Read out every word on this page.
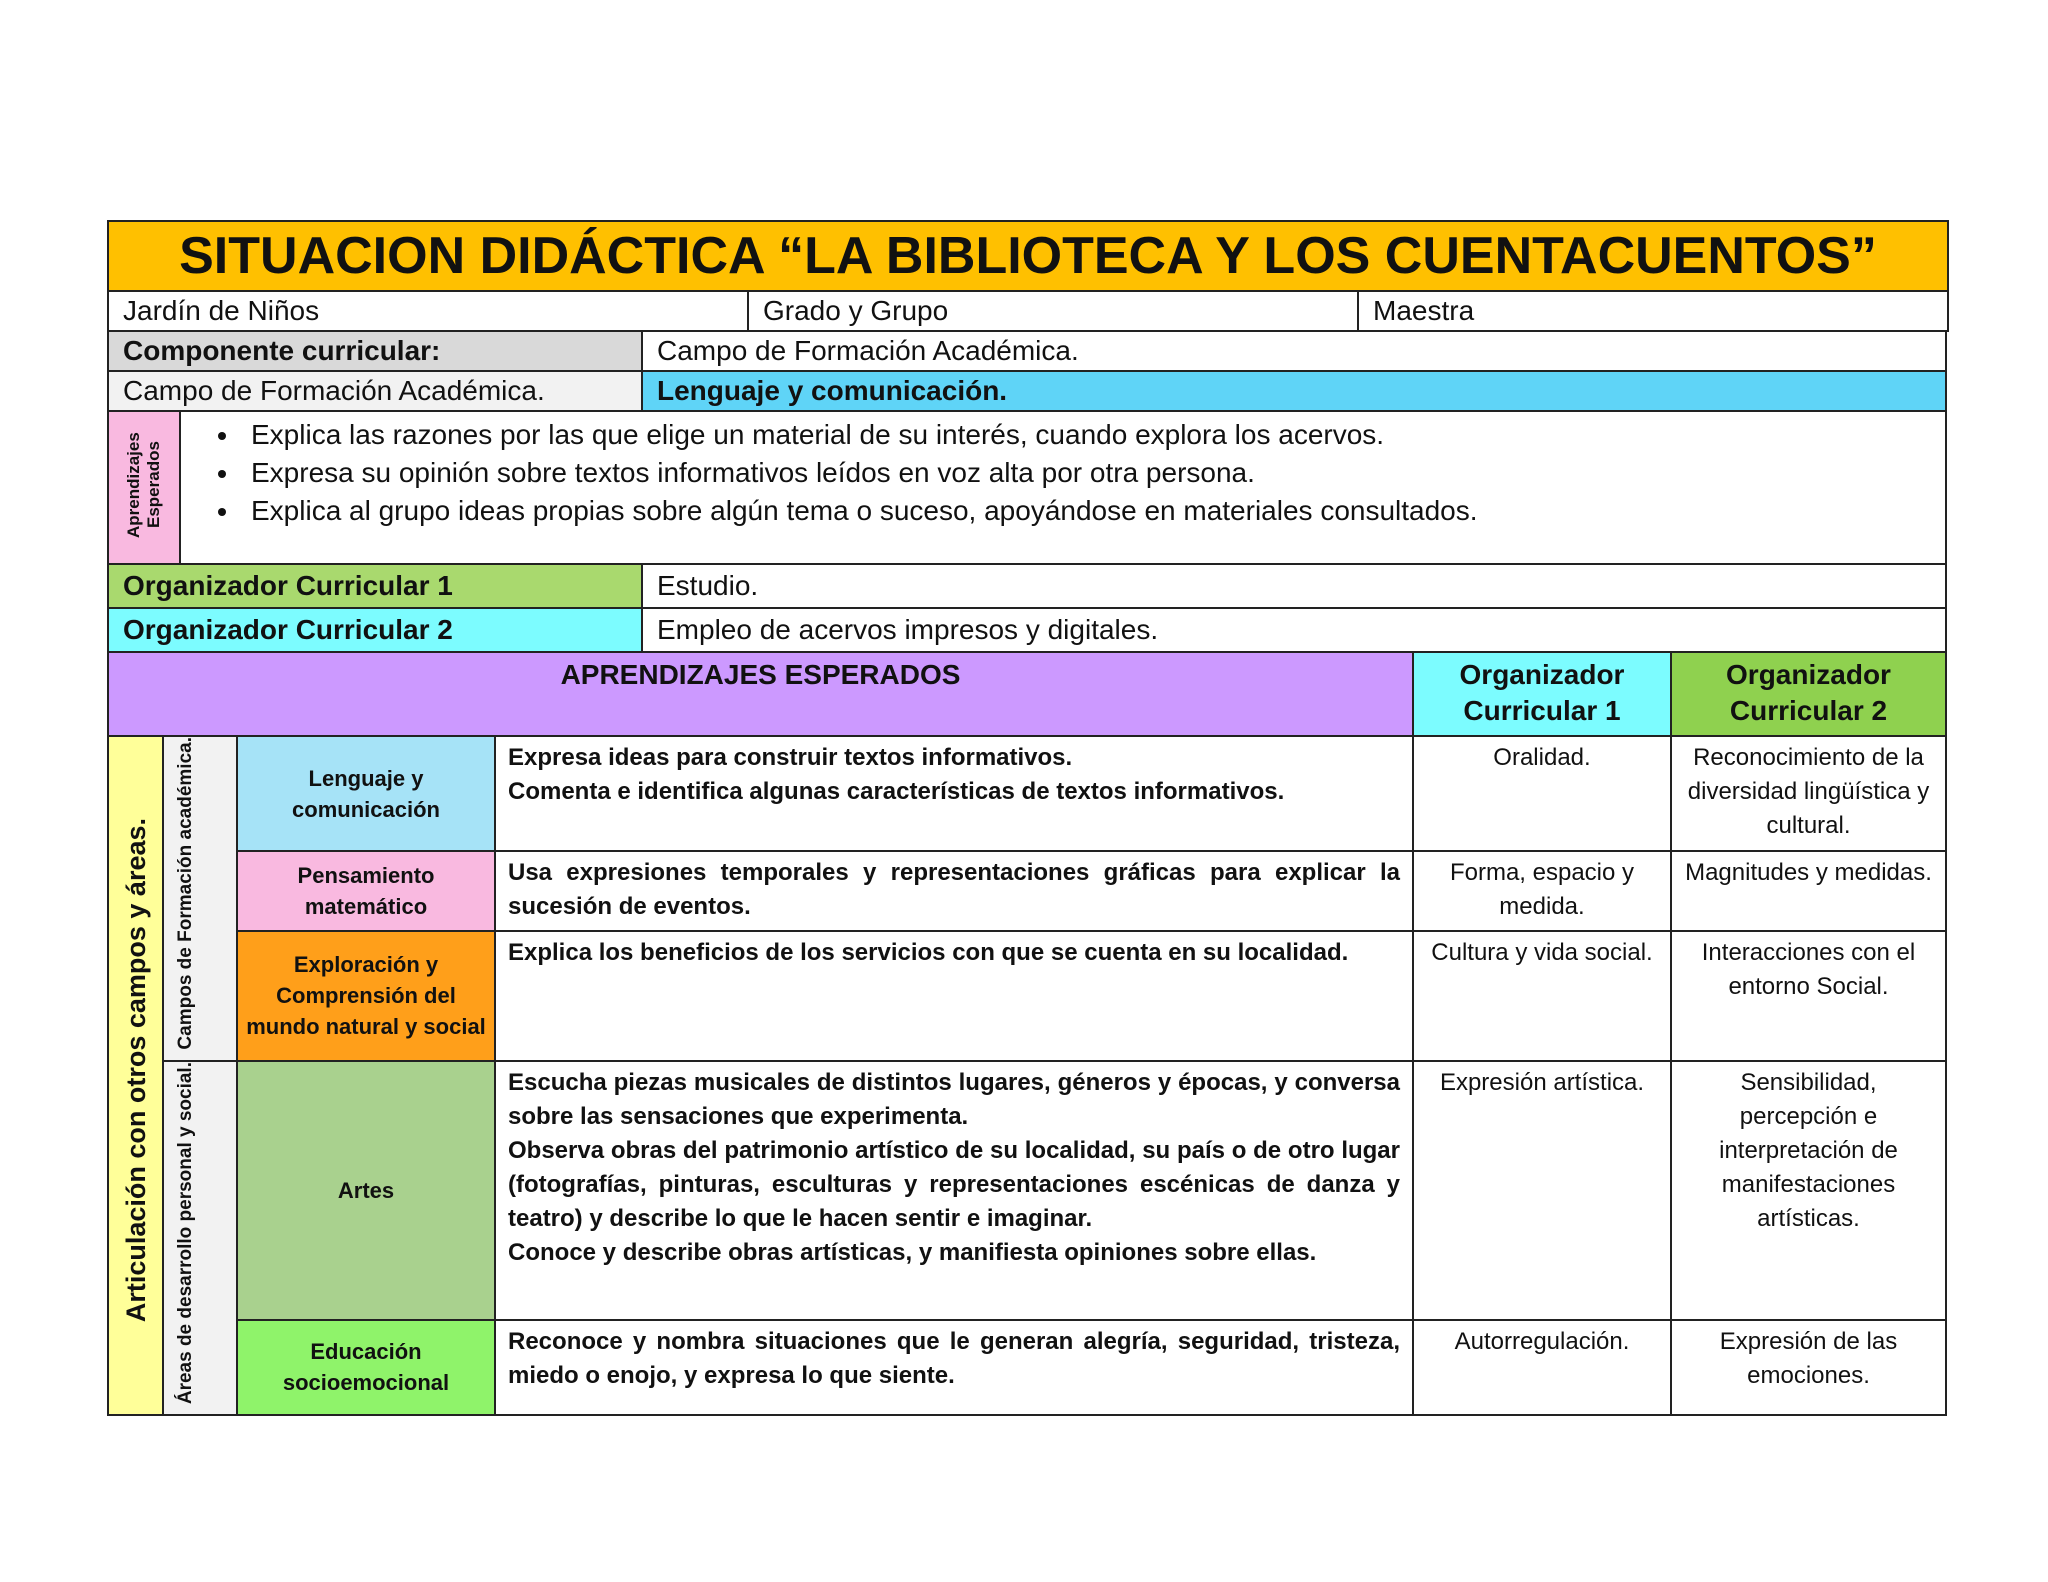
SITUACION DIDÁCTICA “LA BIBLIOTECA Y LOS CUENTACUENTOS”
Jardín de Niños	Grado y Grupo	Maestra
Componente curricular:	Campo de Formación Académica.
Campo de Formación Académica.	Lenguaje y comunicación.
Aprendizajes Esperados	
• Explica las razones por las que elige un material de su interés, cuando explora los acervos.
• Expresa su opinión sobre textos informativos leídos en voz alta por otra persona.
• Explica al grupo ideas propias sobre algún tema o suceso, apoyándose en materiales consultados.
Organizador Curricular 1	Estudio.
Organizador Curricular 2	Empleo de acervos impresos y digitales.
APRENDIZAJES ESPERADOS				Organizador Curricular 1	Organizador Curricular 2
Articulación con otros campos y áreas.	Campos de Formación académica.	Lenguaje y comunicación	Expresa ideas para construir textos informativos.

Comenta e identifica algunas características de textos informativos.	Oralidad.	Reconocimiento de la diversidad lingüística y cultural.
		Pensamiento matemático	Usa expresiones temporales y representaciones gráficas para explicar la sucesión de eventos.	Forma, espacio y medida.	Magnitudes y medidas.
		Exploración y Comprensión del mundo natural y social	Explica los beneficios de los servicios con que se cuenta en su localidad.	Cultura y vida social.	Interacciones con el entorno Social.
	Áreas de desarrollo personal y social.	Artes	Escucha piezas musicales de distintos lugares, géneros y épocas, y conversa sobre las sensaciones que experimenta.

Observa obras del patrimonio artístico de su localidad, su país o de otro lugar (fotografías, pinturas, esculturas y representaciones escénicas de danza y teatro) y describe lo que le hacen sentir e imaginar.

Conoce y describe obras artísticas, y manifiesta opiniones sobre ellas.	Expresión artística.	Sensibilidad, percepción e interpretación de manifestaciones artísticas.
		Educación socioemocional	Reconoce y nombra situaciones que le generan alegría, seguridad, tristeza, miedo o enojo, y expresa lo que siente.	Autorregulación.	Expresión de las emociones.
